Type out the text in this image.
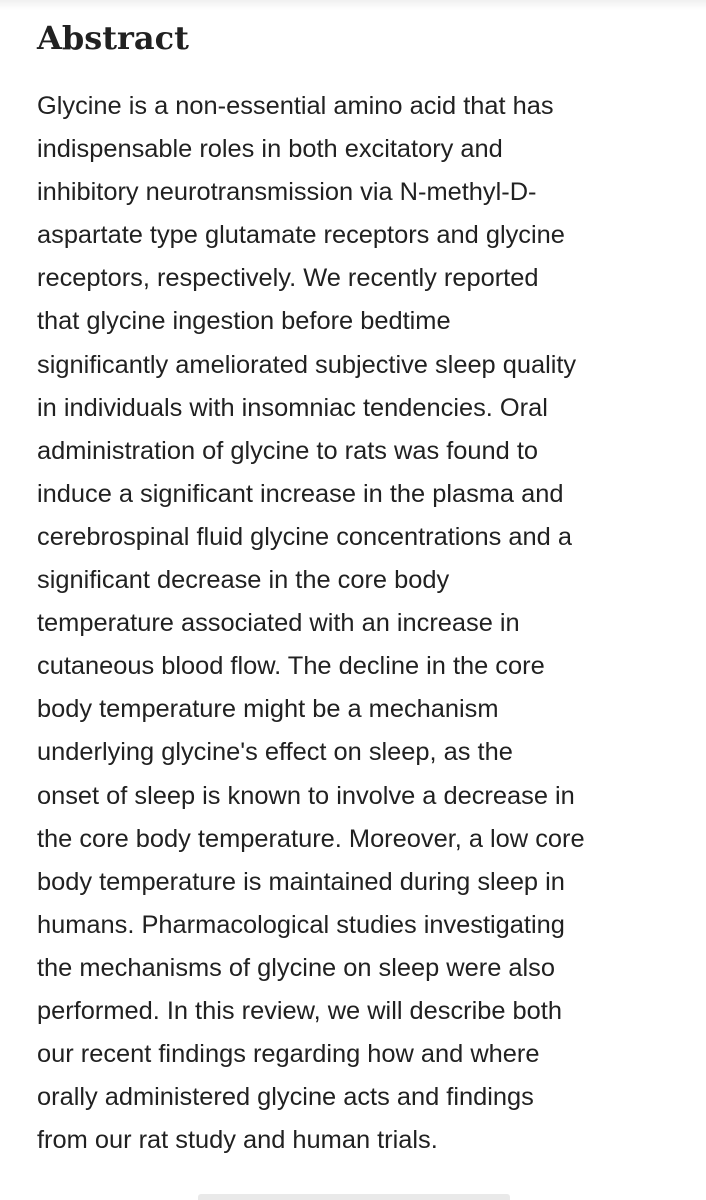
Abstract

Glycine is a non-essential amino acid that has
indispensable roles in both excitatory and
inhibitory neurotransmission via N-methyl-D-
aspartate type glutamate receptors and glycine
receptors, respectively. We recently reported
that glycine ingestion before bedtime
significantly ameliorated subjective sleep quality
in individuals with insomniac tendencies. Oral
administration of glycine to rats was found to
induce a significant increase in the plasma and
cerebrospinal fluid glycine concentrations and a
significant decrease in the core body
temperature associated with an increase in
cutaneous blood flow. The decline in the core
body temperature might be a mechanism
underlying glycine's effect on sleep, as the
onset of sleep is known to involve a decrease in
the core body temperature. Moreover, a low core
body temperature is maintained during sleep in
humans. Pharmacological studies investigating
the mechanisms of glycine on sleep were also
performed. In this review, we will describe both
our recent findings regarding how and where
orally administered glycine acts and findings
from our rat study and human trials.
